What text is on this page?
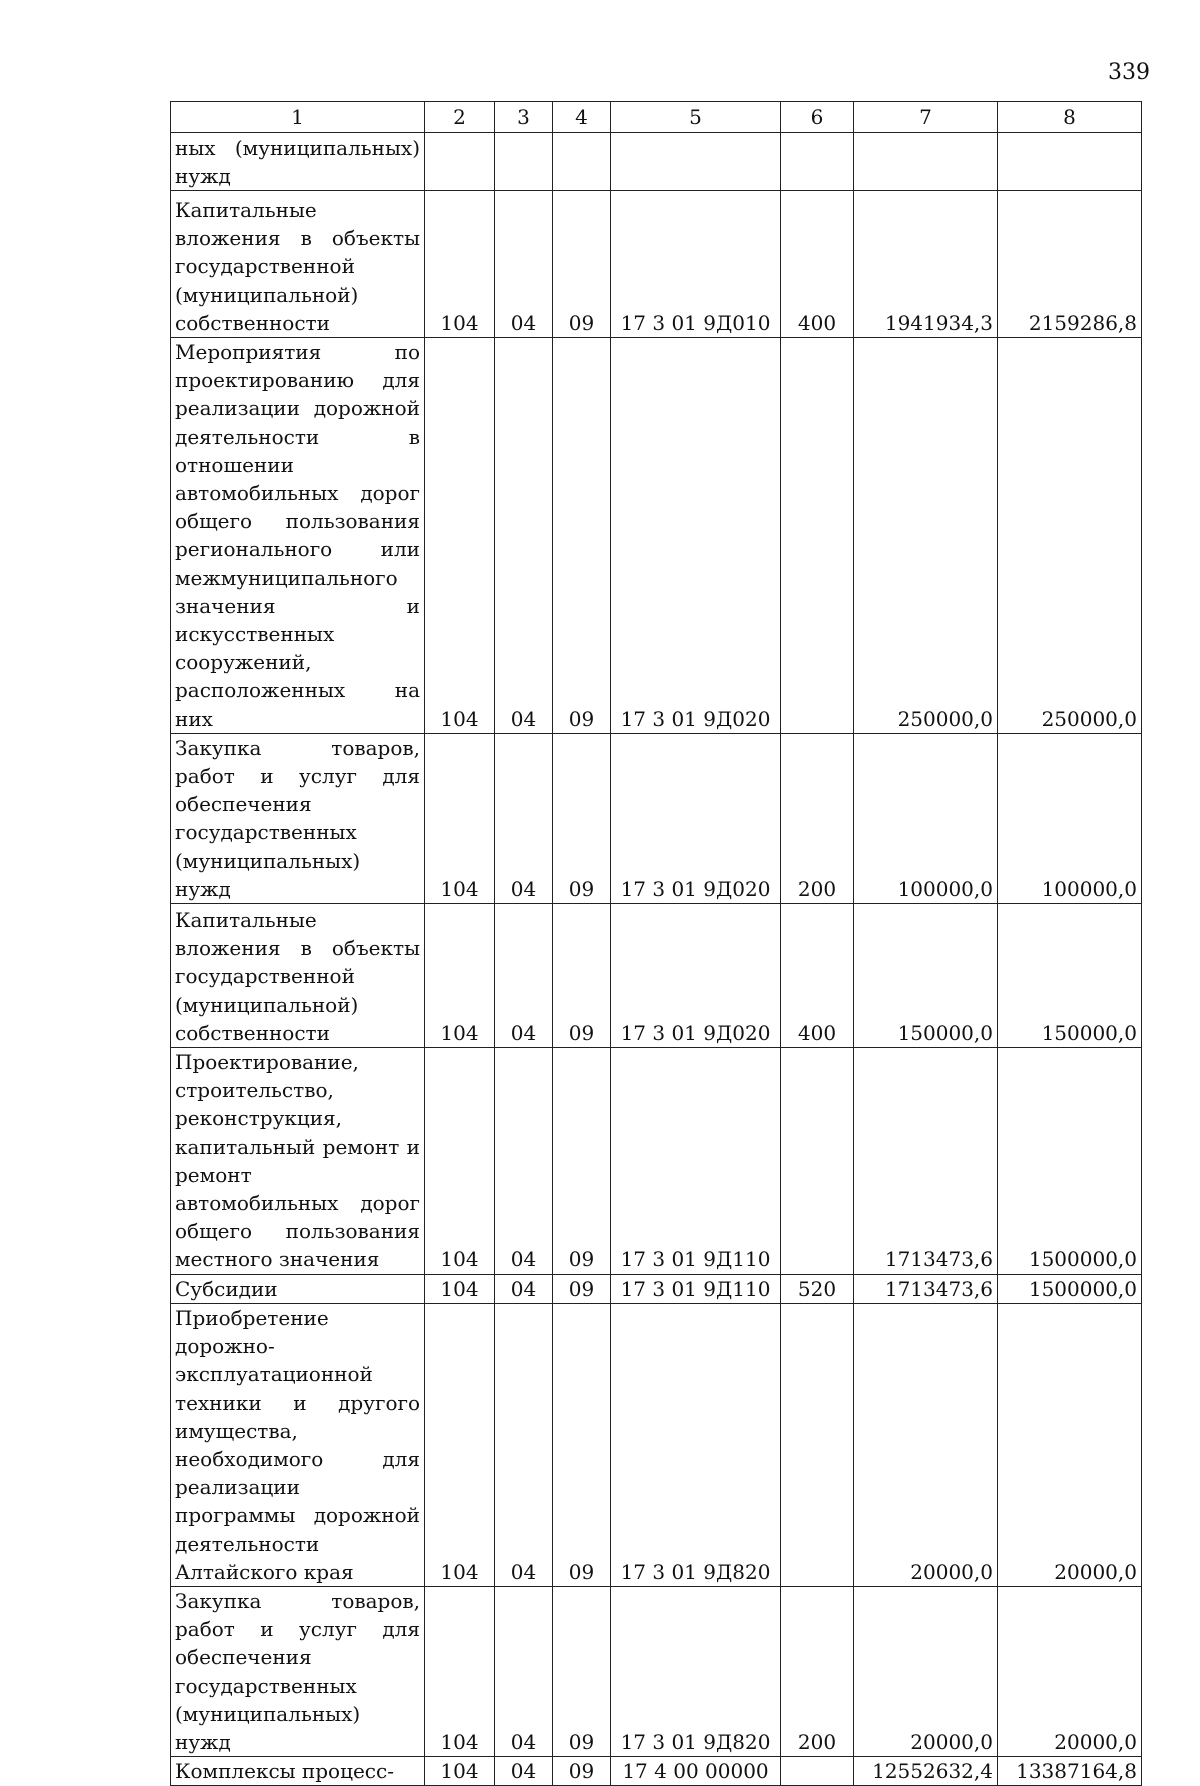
339
1	2	3	4	5	6	7	8
ных (муниципальных) нужд							
Капитальные вложения в объекты государственной (муниципальной) собственности	104	04	09	17 3 01 9Д010	400	1941934,3	2159286,8
Мероприятия по проектированию для реализации дорожной деятельности в отношении автомобильных дорог общего пользования регионального или межмуниципального значения и искусственных сооружений, расположенных на них	104	04	09	17 3 01 9Д020		250000,0	250000,0
Закупка товаров, работ и услуг для обеспечения государственных (муниципальных) нужд	104	04	09	17 3 01 9Д020	200	100000,0	100000,0
Капитальные вложения в объекты государственной (муниципальной) собственности	104	04	09	17 3 01 9Д020	400	150000,0	150000,0
Проектирование, строительство, реконструкция, капитальный ремонт и ремонт автомобильных дорог общего пользования местного значения	104	04	09	17 3 01 9Д110		1713473,6	1500000,0
Субсидии	104	04	09	17 3 01 9Д110	520	1713473,6	1500000,0
Приобретение дорожно-эксплуатационной техники и другого имущества, необходимого для реализации программы дорожной деятельности Алтайского края	104	04	09	17 3 01 9Д820		20000,0	20000,0
Закупка товаров, работ и услуг для обеспечения государственных (муниципальных) нужд	104	04	09	17 3 01 9Д820	200	20000,0	20000,0
Комплексы процесс-	104	04	09	17 4 00 00000		12552632,4	13387164,8
